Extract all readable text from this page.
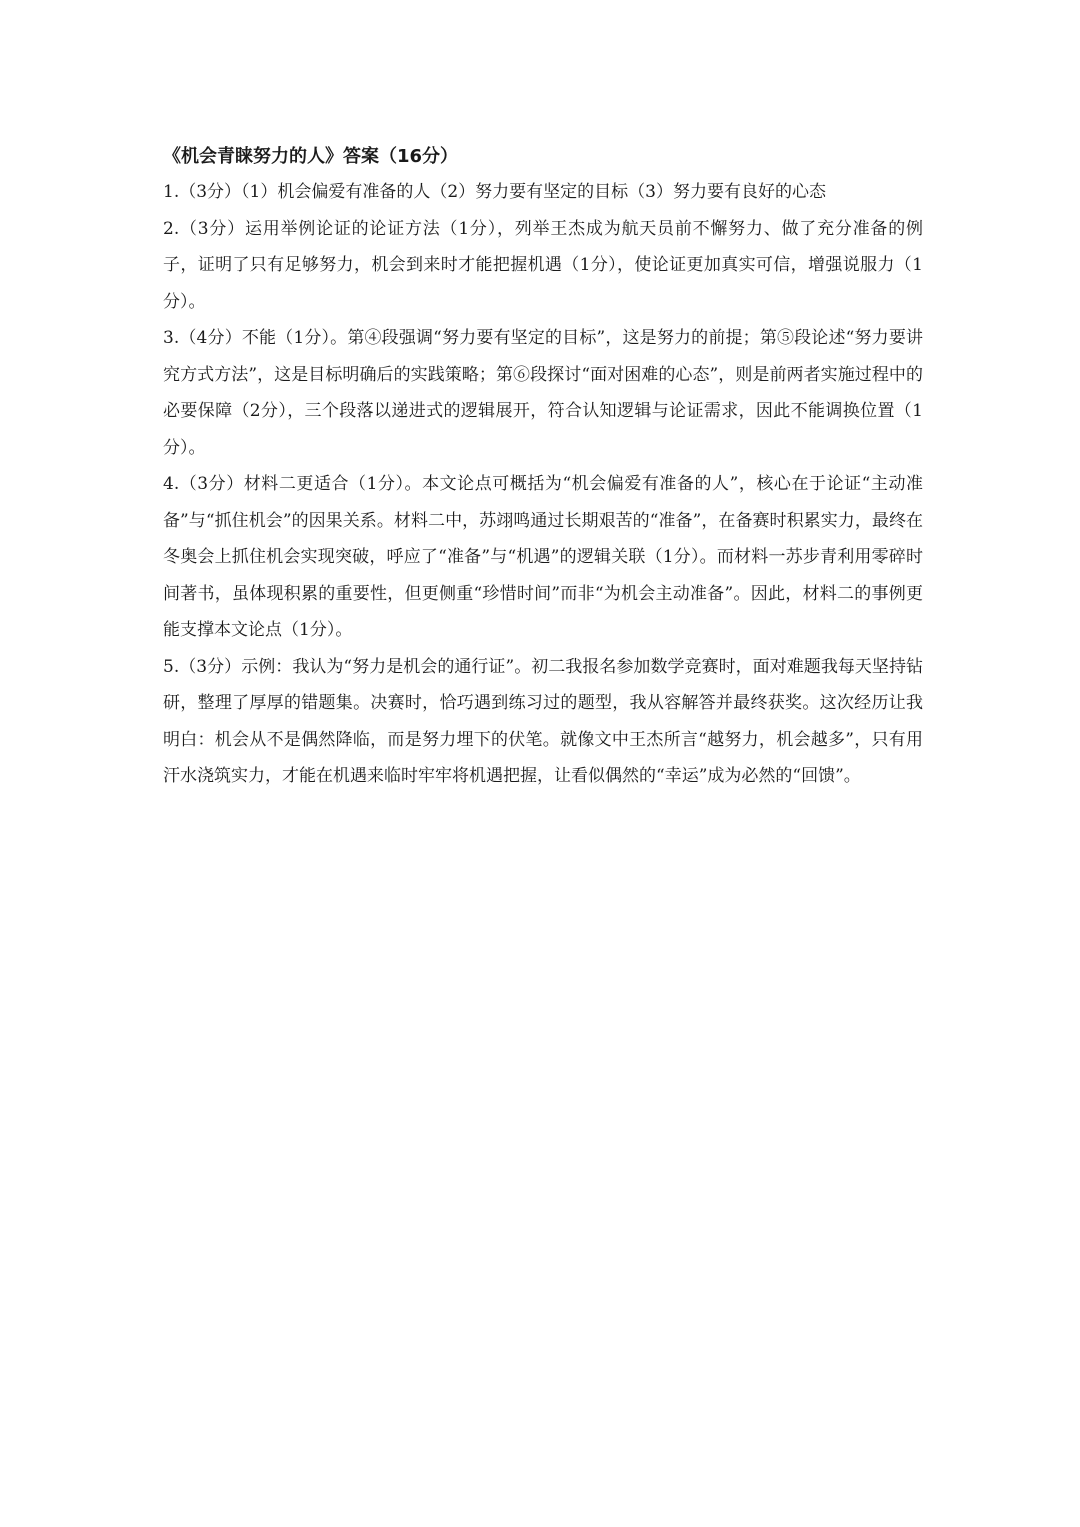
《机会青睐努力的人》答案（16分）

1.（3分）（1）机会偏爱有准备的人（2）努力要有坚定的目标（3）努力要有良好的心态

2.（3分）运用举例论证的论证方法（1分），列举王杰成为航天员前不懈努力、做了充分准备的例子，证明了只有足够努力，机会到来时才能把握机遇（1分），使论证更加真实可信，增强说服力（1分）。

3.（4分）不能（1分）。第④段强调“努力要有坚定的目标”，这是努力的前提；第⑤段论述“努力要讲究方式方法”，这是目标明确后的实践策略；第⑥段探讨“面对困难的心态”，则是前两者实施过程中的必要保障（2分），三个段落以递进式的逻辑展开，符合认知逻辑与论证需求，因此不能调换位置（1分）。

4.（3分）材料二更适合（1分）。本文论点可概括为“机会偏爱有准备的人”，核心在于论证“主动准备”与“抓住机会”的因果关系。材料二中，苏翊鸣通过长期艰苦的“准备”，在备赛时积累实力，最终在冬奥会上抓住机会实现突破，呼应了“准备”与“机遇”的逻辑关联（1分）。而材料一苏步青利用零碎时间著书，虽体现积累的重要性，但更侧重“珍惜时间”而非“为机会主动准备”。因此，材料二的事例更能支撑本文论点（1分）。

5.（3分）示例：我认为“努力是机会的通行证”。初二我报名参加数学竞赛时，面对难题我每天坚持钻研，整理了厚厚的错题集。决赛时，恰巧遇到练习过的题型，我从容解答并最终获奖。这次经历让我明白：机会从不是偶然降临，而是努力埋下的伏笔。就像文中王杰所言“越努力，机会越多”，只有用汗水浇筑实力，才能在机遇来临时牢牢将机遇把握，让看似偶然的“幸运”成为必然的“回馈”。
